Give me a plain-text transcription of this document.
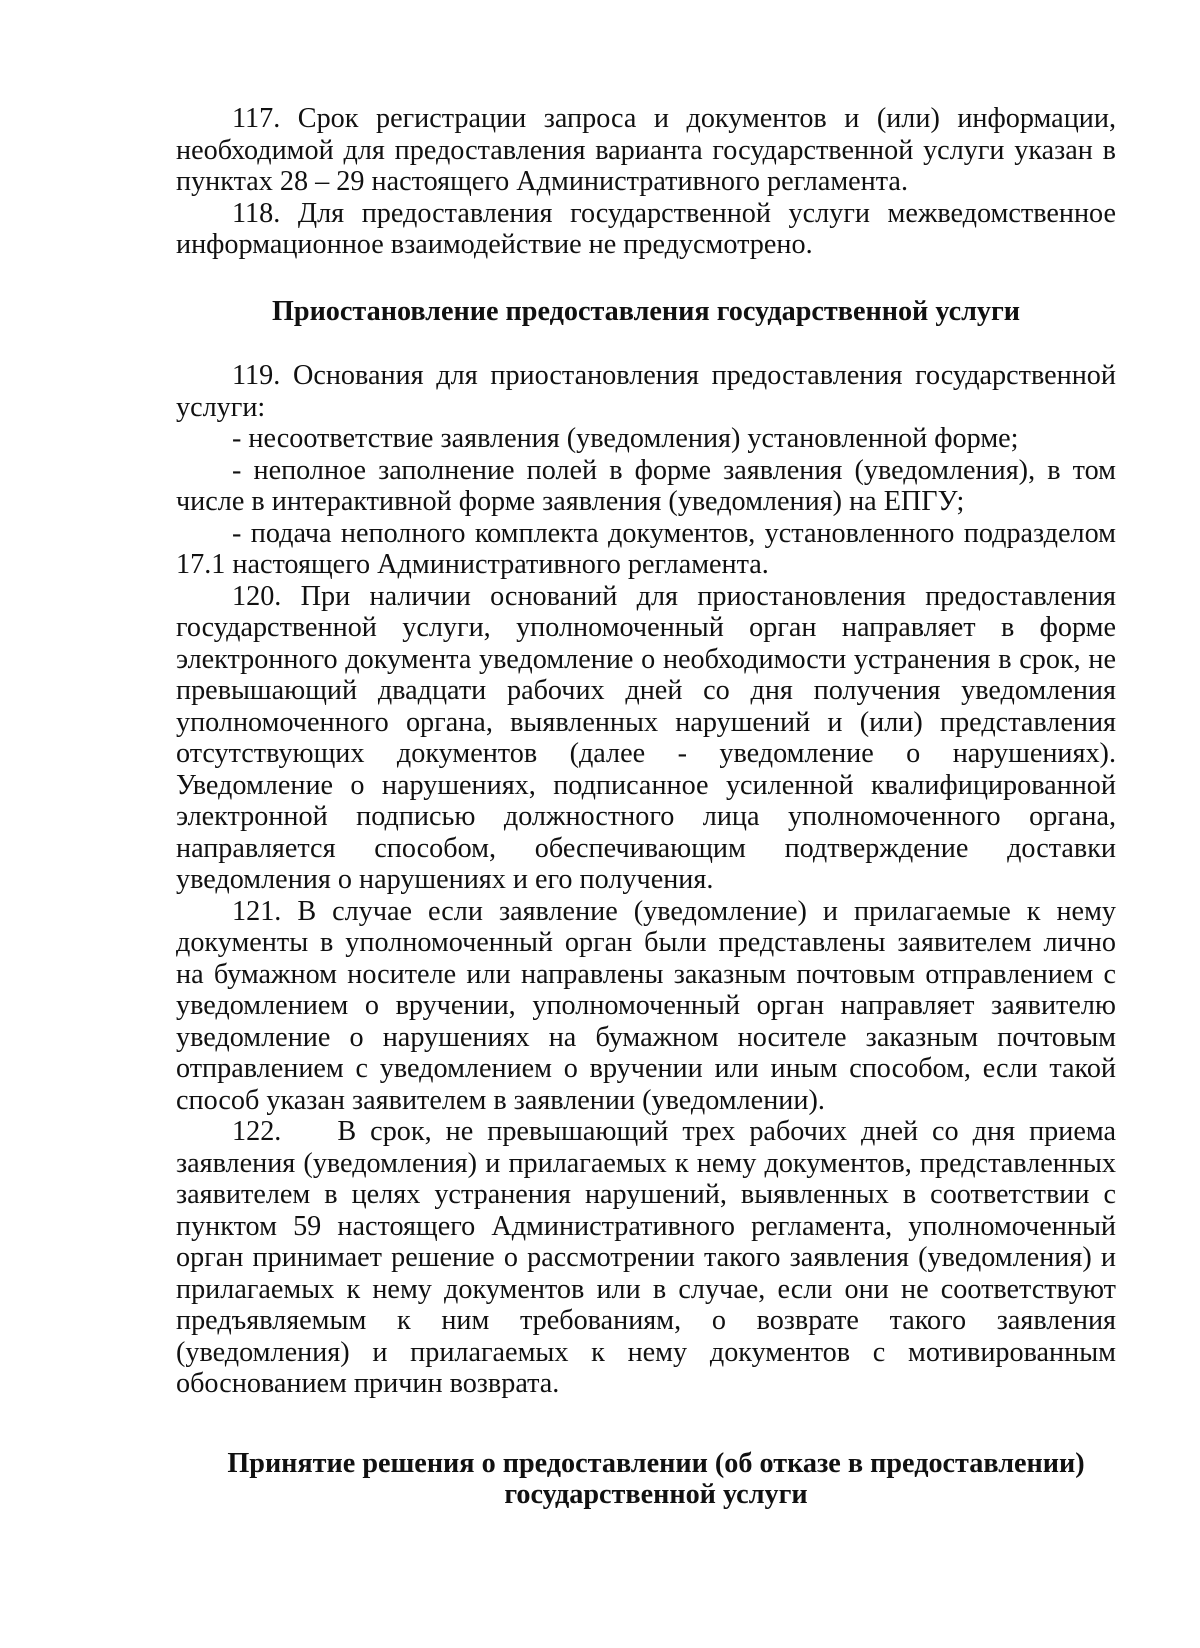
117. Срок регистрации запроса и документов и (или) информации, необходимой для предоставления варианта государственной услуги указан в пунктах 28 – 29 настоящего Административного регламента.

118. Для предоставления государственной услуги межведомственное информационное взаимодействие не предусмотрено.

Приостановление предоставления государственной услуги

119. Основания для приостановления предоставления государственной услуги:

- несоответствие заявления (уведомления) установленной форме;

- неполное заполнение полей в форме заявления (уведомления), в том числе в интерактивной форме заявления (уведомления) на ЕПГУ;

- подача неполного комплекта документов, установленного подразделом 17.1 настоящего Административного регламента.

120. При наличии оснований для приостановления предоставления государственной услуги, уполномоченный орган направляет в форме электронного документа уведомление о необходимости устранения в срок, не превышающий двадцати рабочих дней со дня получения уведомления уполномоченного органа, выявленных нарушений и (или) представления отсутствующих документов (далее - уведомление о нарушениях). Уведомление о нарушениях, подписанное усиленной квалифицированной электронной подписью должностного лица уполномоченного органа, направляется способом, обеспечивающим подтверждение доставки уведомления о нарушениях и его получения.

121. В случае если заявление (уведомление) и прилагаемые к нему документы в уполномоченный орган были представлены заявителем лично на бумажном носителе или направлены заказным почтовым отправлением с уведомлением о вручении, уполномоченный орган направляет заявителю уведомление о нарушениях на бумажном носителе заказным почтовым отправлением с уведомлением о вручении или иным способом, если такой способ указан заявителем в заявлении (уведомлении).

122.    В срок, не превышающий трех рабочих дней со дня приема заявления (уведомления) и прилагаемых к нему документов, представленных заявителем в целях устранения нарушений, выявленных в соответствии с пунктом 59 настоящего Административного регламента, уполномоченный орган принимает решение о рассмотрении такого заявления (уведомления) и прилагаемых к нему документов или в случае, если они не соответствуют предъявляемым к ним требованиям, о возврате такого заявления (уведомления) и прилагаемых к нему документов с мотивированным обоснованием причин возврата.

Принятие решения о предоставлении (об отказе в предоставлении)
государственной услуги
